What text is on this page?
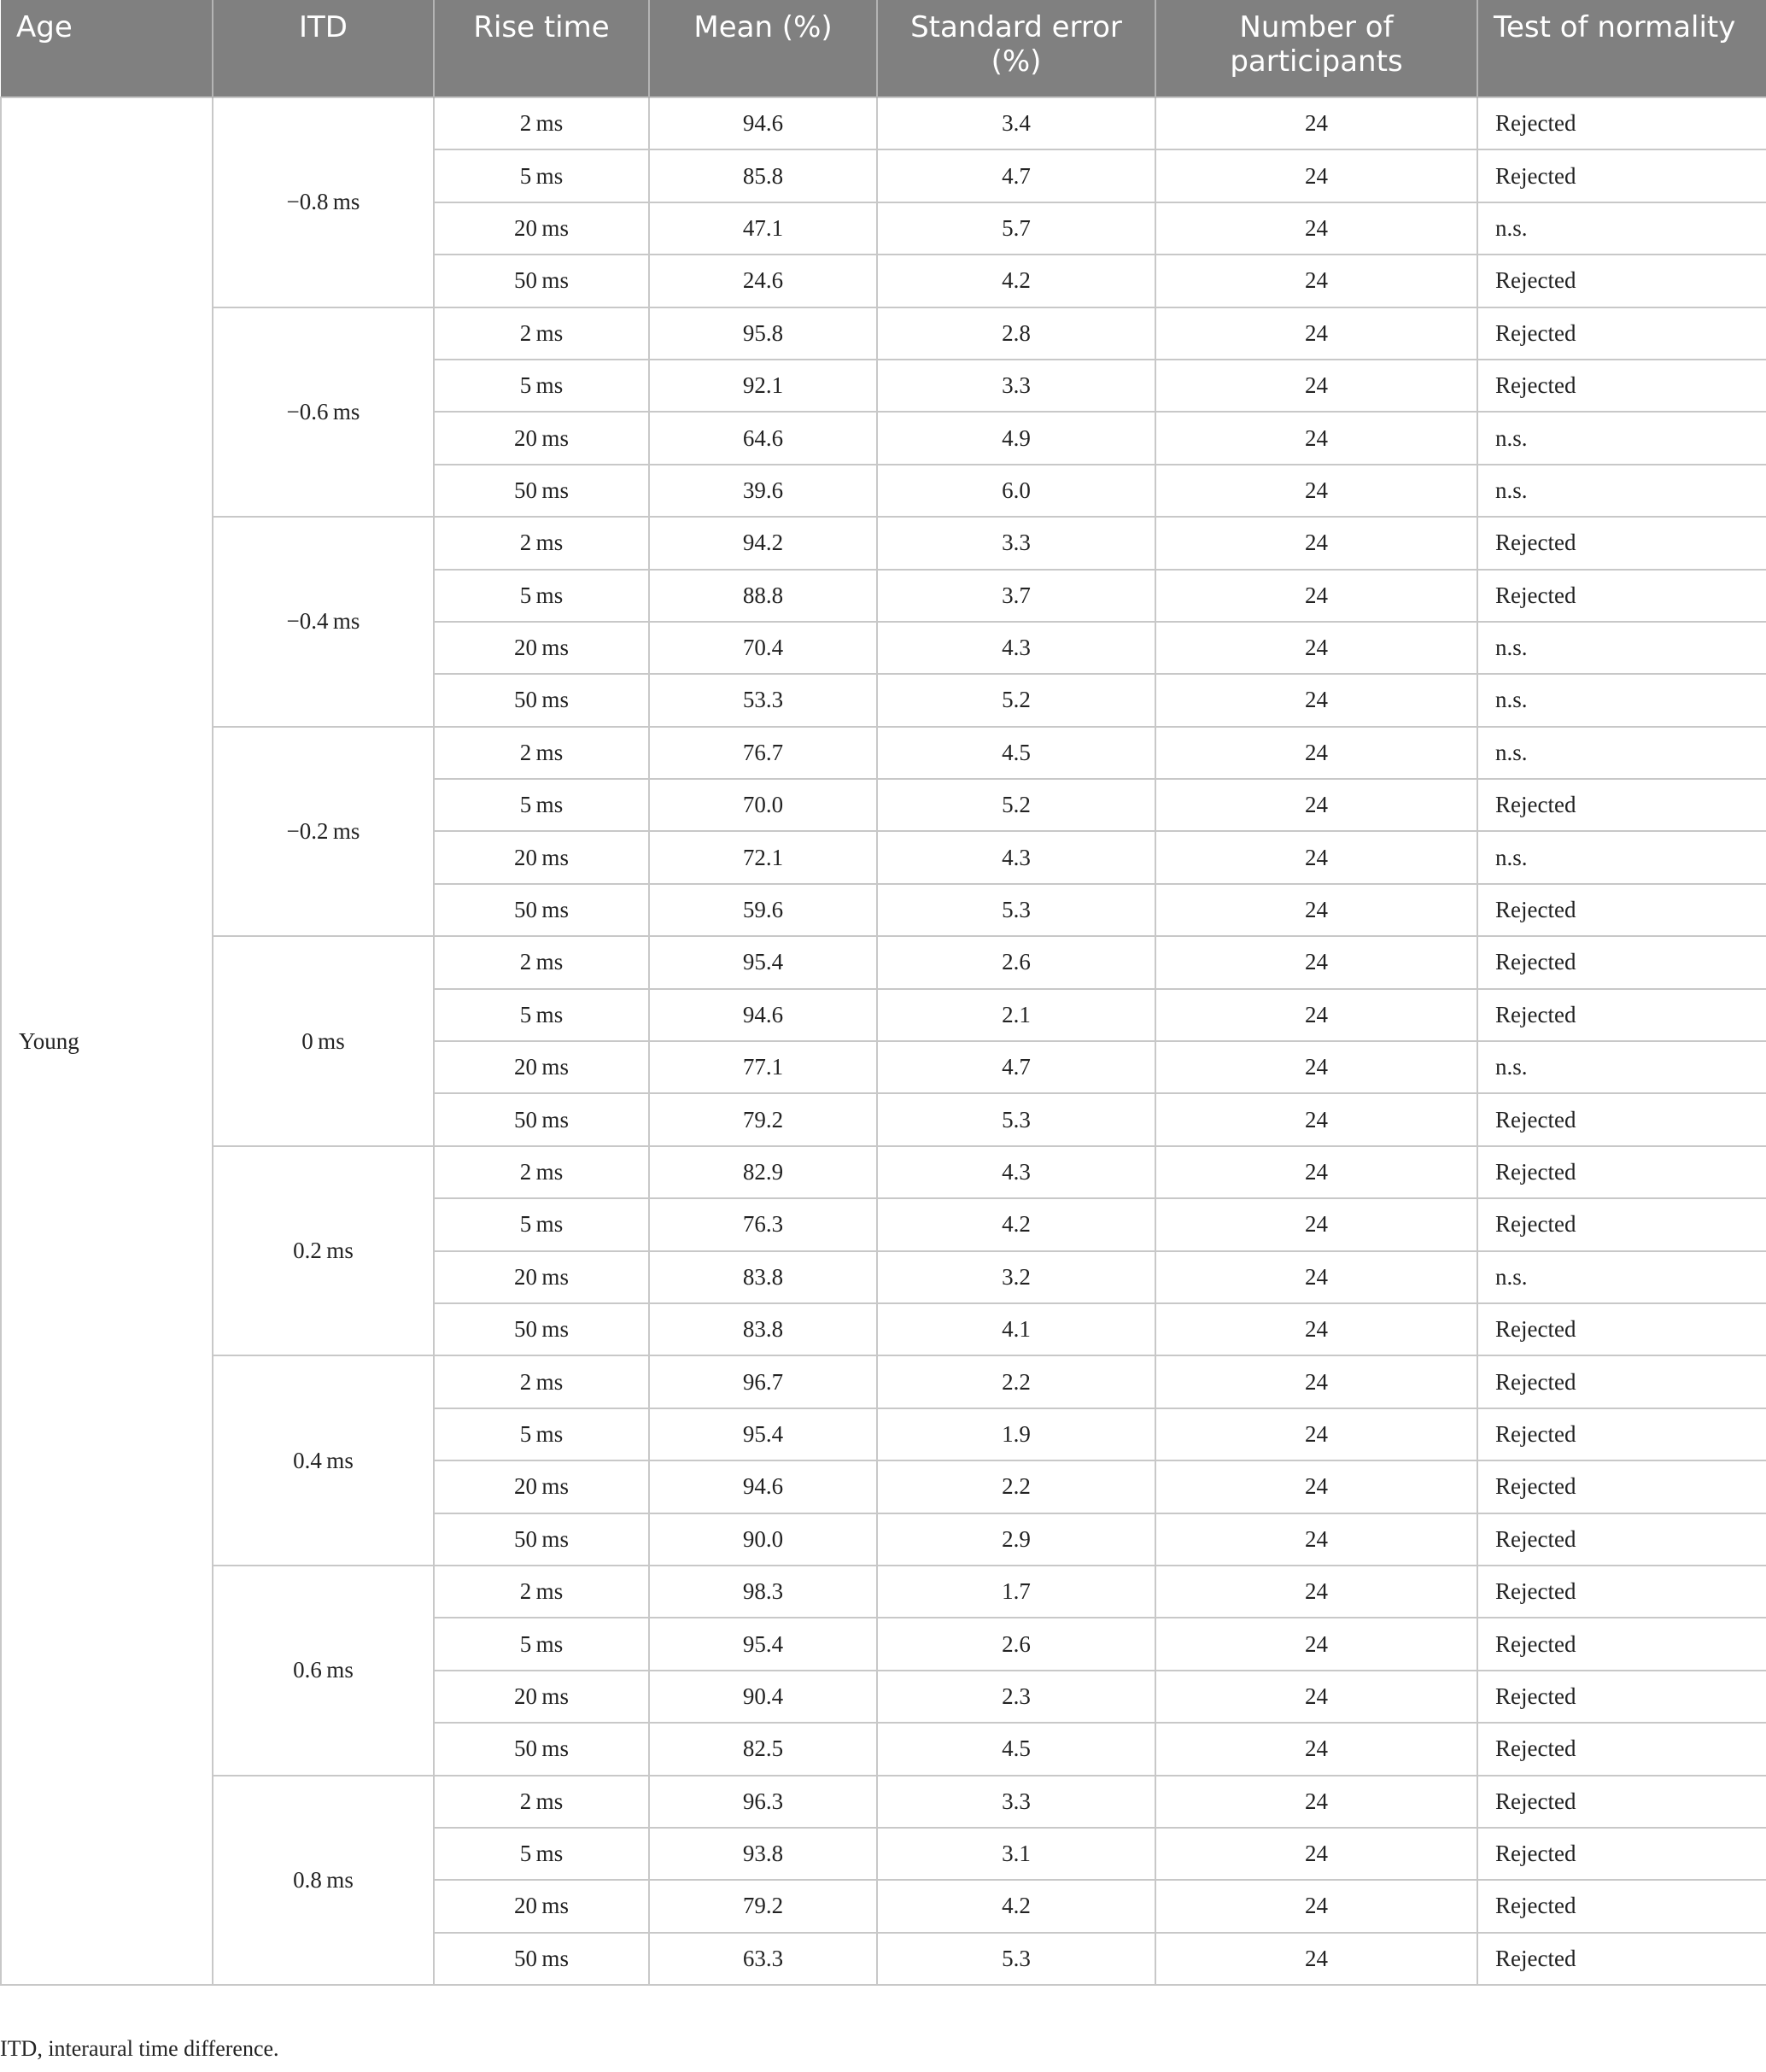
Age	ITD	Rise time	Mean (%)	Standard error (%)	Number of participants	Test of normality
Young	−0.8 ms	2 ms	94.6	3.4	24	Rejected
		5 ms	85.8	4.7	24	Rejected
		20 ms	47.1	5.7	24	n.s.
		50 ms	24.6	4.2	24	Rejected
	−0.6 ms	2 ms	95.8	2.8	24	Rejected
		5 ms	92.1	3.3	24	Rejected
		20 ms	64.6	4.9	24	n.s.
		50 ms	39.6	6.0	24	n.s.
	−0.4 ms	2 ms	94.2	3.3	24	Rejected
		5 ms	88.8	3.7	24	Rejected
		20 ms	70.4	4.3	24	n.s.
		50 ms	53.3	5.2	24	n.s.
	−0.2 ms	2 ms	76.7	4.5	24	n.s.
		5 ms	70.0	5.2	24	Rejected
		20 ms	72.1	4.3	24	n.s.
		50 ms	59.6	5.3	24	Rejected
	0 ms	2 ms	95.4	2.6	24	Rejected
		5 ms	94.6	2.1	24	Rejected
		20 ms	77.1	4.7	24	n.s.
		50 ms	79.2	5.3	24	Rejected
	0.2 ms	2 ms	82.9	4.3	24	Rejected
		5 ms	76.3	4.2	24	Rejected
		20 ms	83.8	3.2	24	n.s.
		50 ms	83.8	4.1	24	Rejected
	0.4 ms	2 ms	96.7	2.2	24	Rejected
		5 ms	95.4	1.9	24	Rejected
		20 ms	94.6	2.2	24	Rejected
		50 ms	90.0	2.9	24	Rejected
	0.6 ms	2 ms	98.3	1.7	24	Rejected
		5 ms	95.4	2.6	24	Rejected
		20 ms	90.4	2.3	24	Rejected
		50 ms	82.5	4.5	24	Rejected
	0.8 ms	2 ms	96.3	3.3	24	Rejected
		5 ms	93.8	3.1	24	Rejected
		20 ms	79.2	4.2	24	Rejected
		50 ms	63.3	5.3	24	Rejected
ITD, interaural time difference.
